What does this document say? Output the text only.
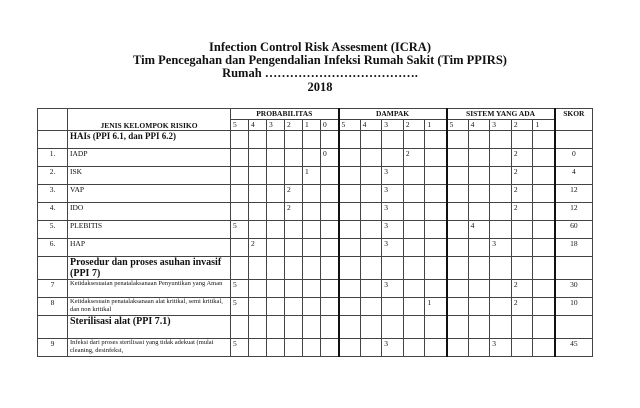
Infection Control Risk Assesment (ICRA)
Tim Pencegahan dan Pengendalian Infeksi Rumah Sakit (Tim PPIRS)
Rumah ……………………………….
2018
	JENIS KELOMPOK RISIKO	PROBABILITAS						DAMPAK					SISTEM YANG ADA					SKOR
		5	4	3	2	1	0	5	4	3	2	1	5	4	3	2	1	
	HAIs (PPI 6.1, dan PPI 6.2)																	
1.	IADP						0				2					2		0
2.	ISK					1				3						2		4
3.	VAP				2					3						2		12
4.	IDO				2					3						2		12
5.	PLEBITIS	5								3				4				60
6.	HAP		2							3					3			18
	Prosedur dan proses asuhan invasif (PPI 7)																	
7	Ketidaksesuaian penatalaksanaan Penyuntikan yang Aman	5								3						2		30
8	Ketidaksesuain penatalaksanaan alat kritikal, semi kritikal, dan non kritikal	5										1				2		10
	Sterilisasi alat (PPI 7.1)																	
9	Infeksi dari proses sterilisasi yang tidak adekuat (mulai cleaning, desinfeksi,	5								3					3			45
